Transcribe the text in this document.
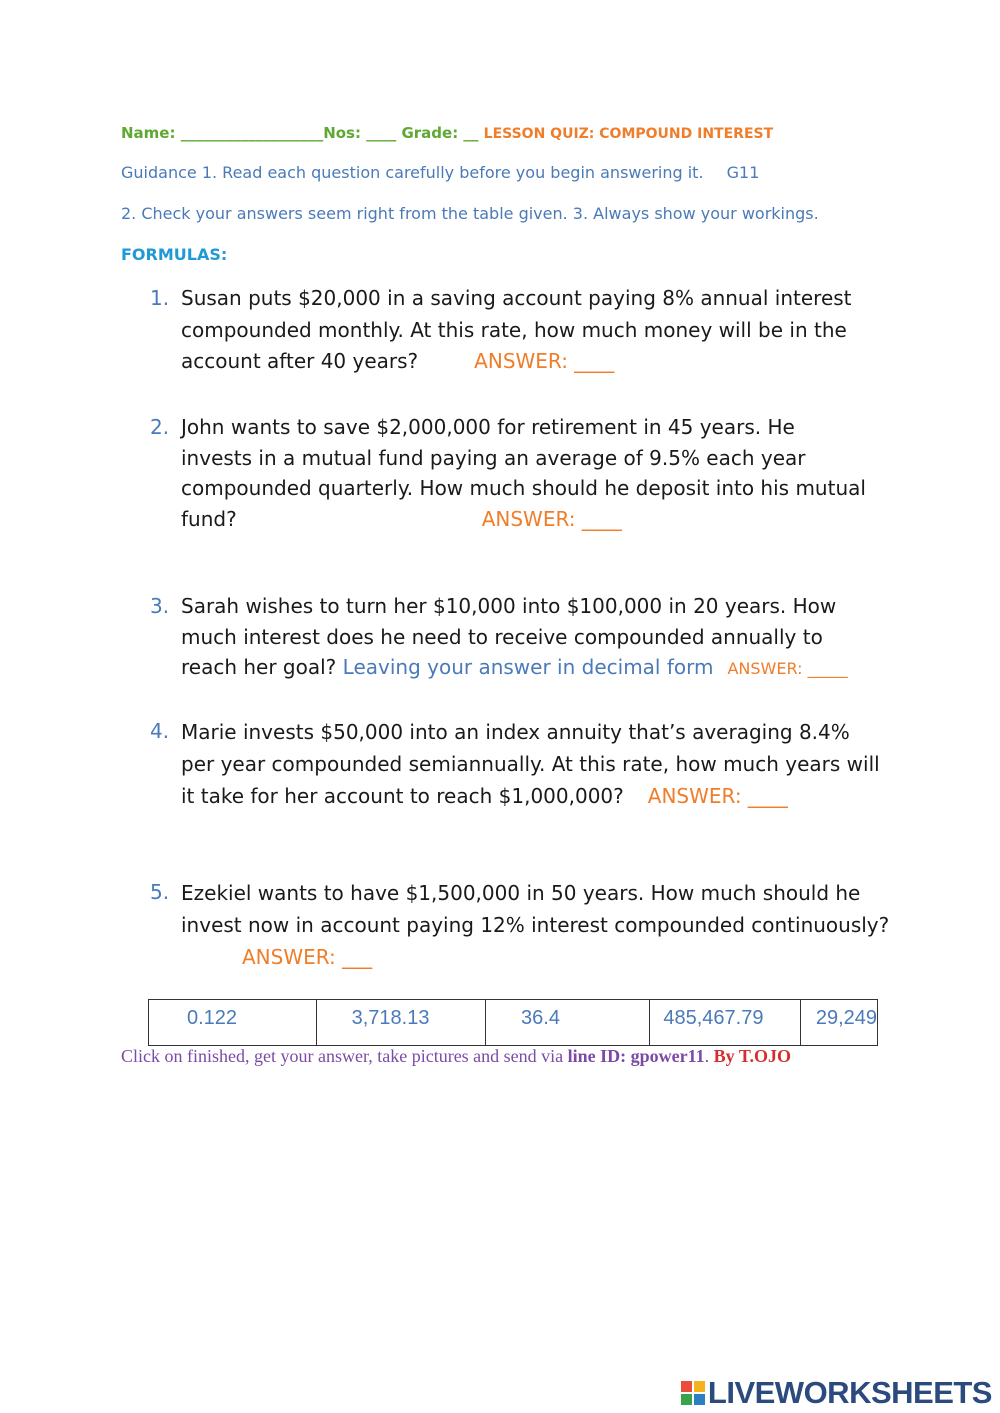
Name: ___________________Nos: ____ Grade: __ LESSON QUIZ: COMPOUND INTEREST
Guidance 1. Read each question carefully before you begin answering it. G11
2. Check your answers seem right from the table given. 3. Always show your workings.
FORMULAS:
1. Susan puts $20,000 in a saving account paying 8% annual interest
compounded monthly. At this rate, how much money will be in the
account after 40 years?	ANSWER: ____
2. John wants to save $2,000,000 for retirement in 45 years. He
invests in a mutual fund paying an average of 9.5% each year
compounded quarterly. How much should he deposit into his mutual
fund?	ANSWER: ____
3. Sarah wishes to turn her $10,000 into $100,000 in 20 years. How
much interest does he need to receive compounded annually to
reach her goal? Leaving your answer in decimal form ANSWER: _____
4. Marie invests $50,000 into an index annuity that’s averaging 8.4%
per year compounded semiannually. At this rate, how much years will
it take for her account to reach $1,000,000? ANSWER: ____
5. Ezekiel wants to have $1,500,000 in 50 years. How much should he
invest now in account paying 12% interest compounded continuously?
ANSWER: ___
0.122	3,718.13	36.4	485,467.79	29,249
Click on finished, get your answer, take pictures and send via line ID: gpower11. By T.OJO
LIVEWORKSHEETS
